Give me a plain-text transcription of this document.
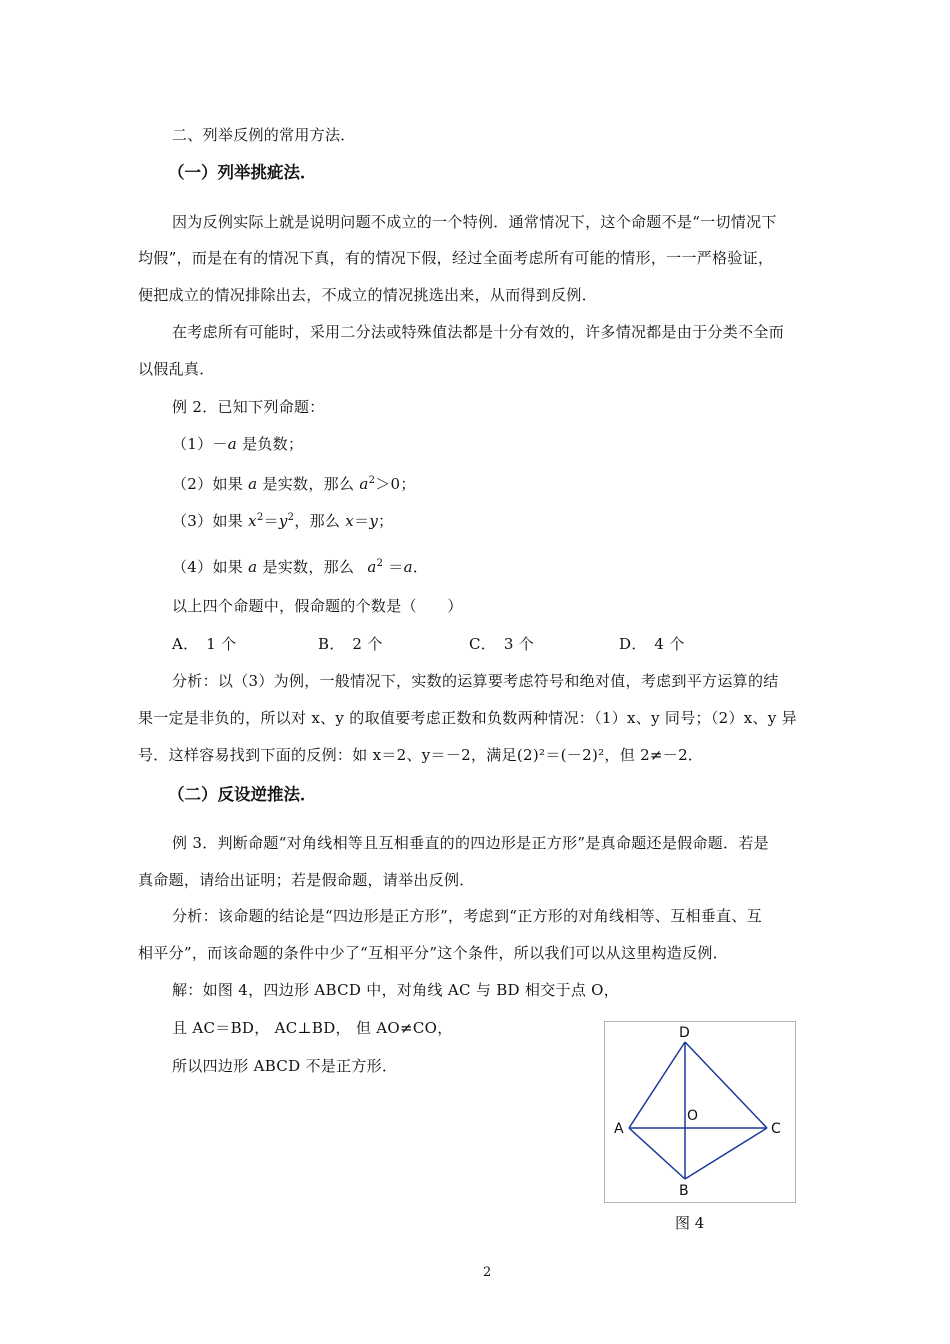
二、列举反例的常用方法．
（一）列举挑疵法．
因为反例实际上就是说明问题不成立的一个特例．通常情况下，这个命题不是“一切情况下
均假”，而是在有的情况下真，有的情况下假，经过全面考虑所有可能的情形，一一严格验证，
便把成立的情况排除出去，不成立的情况挑选出来，从而得到反例．
在考虑所有可能时，采用二分法或特殊值法都是十分有效的，许多情况都是由于分类不全而
以假乱真．
例 2．已知下列命题：
（1）－a 是负数；
（2）如果 a 是实数，那么 $a^2>0$；
（3）如果 $x^2=y^2$，那么 x＝y；
（4）如果 a 是实数，那么 $a^2 =a$．
以上四个命题中，假命题的个数是（　　）
A．　1 个	B．　2 个	C．　3 个	D．　4 个
分析：以（3）为例，一般情况下，实数的运算要考虑符号和绝对值，考虑到平方运算的结
果一定是非负的，所以对 x、y 的取值要考虑正数和负数两种情况：（1）x、y 同号；（2）x、y 异
号．这样容易找到下面的反例：如 x＝2、y＝－2，满足(2)²＝(－2)²，但 2≠－2．
（二）反设逆推法．
例 3．判断命题“对角线相等且互相垂直的的四边形是正方形”是真命题还是假命题．若是
真命题，请给出证明；若是假命题，请举出反例．
分析：该命题的结论是“四边形是正方形”，考虑到“正方形的对角线相等、互相垂直、互
相平分”，而该命题的条件中少了“互相平分”这个条件，所以我们可以从这里构造反例．
解：如图 4，四边形 ABCD 中，对角线 AC 与 BD 相交于点 O，
且 AC＝BD， AC⊥BD， 但 AO≠CO，
所以四边形 ABCD 不是正方形．
D
A
O
C
B
图 4
2
